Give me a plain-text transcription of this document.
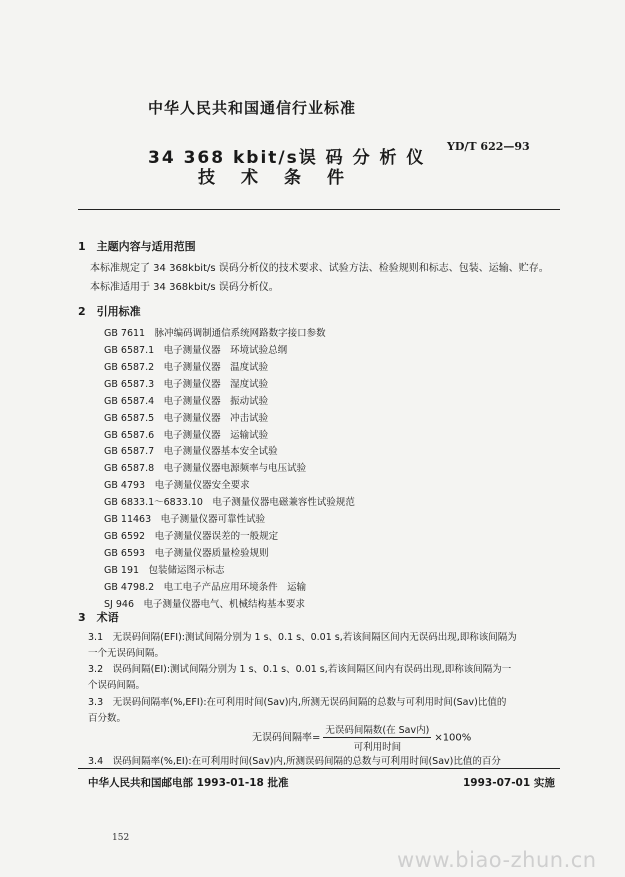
中华人民共和国通信行业标准
34 368 kbit/s误 码 分 析 仪
技术条件
YD/T 622—93
1　主题内容与适用范围
本标准规定了 34 368kbit/s 误码分析仪的技术要求、试验方法、检验规则和标志、包装、运输、贮存。
本标准适用于 34 368kbit/s 误码分析仪。
2　引用标准
GB 7611　脉冲编码调制通信系统网路数字接口参数
GB 6587.1　电子测量仪器　环境试验总纲
GB 6587.2　电子测量仪器　温度试验
GB 6587.3　电子测量仪器　湿度试验
GB 6587.4　电子测量仪器　振动试验
GB 6587.5　电子测量仪器　冲击试验
GB 6587.6　电子测量仪器　运输试验
GB 6587.7　电子测量仪器基本安全试验
GB 6587.8　电子测量仪器电源频率与电压试验
GB 4793　电子测量仪器安全要求
GB 6833.1～6833.10　电子测量仪器电磁兼容性试验规范
GB 11463　电子测量仪器可靠性试验
GB 6592　电子测量仪器误差的一般规定
GB 6593　电子测量仪器质量检验规则
GB 191　包装储运图示标志
GB 4798.2　电工电子产品应用环境条件　运输
SJ 946　电子测量仪器电气、机械结构基本要求
3　术语
3.1　无误码间隔(EFI):测试间隔分别为 1 s、0.1 s、0.01 s,若该间隔区间内无误码出现,即称该间隔为
一个无误码间隔。
3.2　误码间隔(EI):测试间隔分别为 1 s、0.1 s、0.01 s,若该间隔区间内有误码出现,即称该间隔为一
个误码间隔。
3.3　无误码间隔率(%,EFI):在可利用时间(Sav)内,所测无误码间隔的总数与可利用时间(Sav)比值的
百分数。
无误码间隔率= $\frac{\text{无误码间隔数(在 Sav内)}}{\text{可利用时间}} \times 100\%$
3.4　误码间隔率(%,EI):在可利用时间(Sav)内,所测误码间隔的总数与可利用时间(Sav)比值的百分
中华人民共和国邮电部 1993-01-18 批准	1993-07-01 实施
152
www.biao-zhun.cn
